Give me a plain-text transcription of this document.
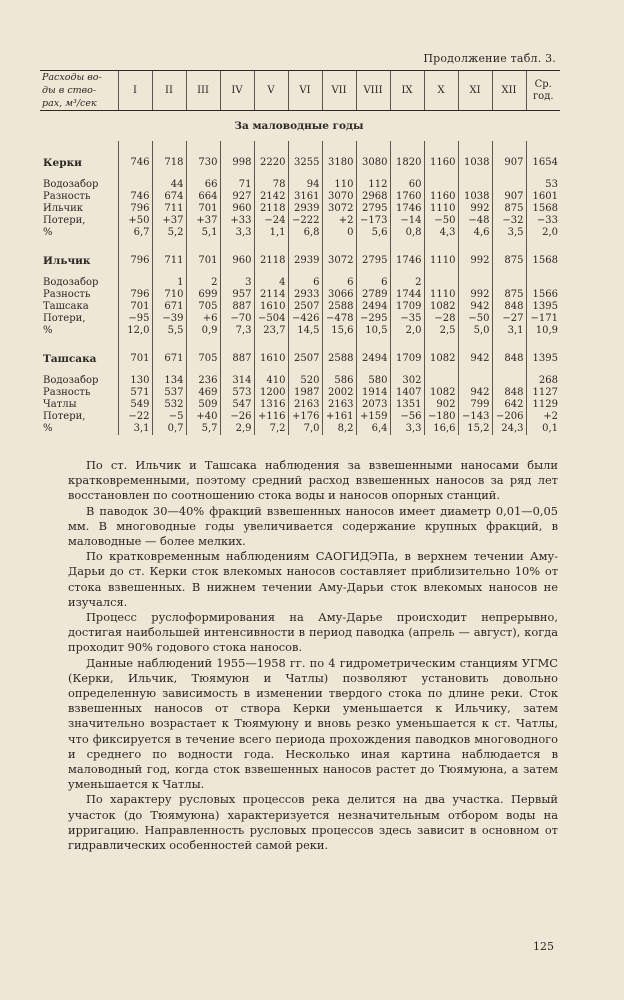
Продолжение табл. 3.
Расходы во-
ды в ство-
рах, м³/сек	I	II	III	IV	V	VI	VII	VIII	IX	X	XI	XII	Ср.
год.
За маловодные годы													

Керки	746	718	730	998	2220	3255	3180	3080	1820	1160	1038	907	1654

Водозабор		44	66	71	78	94	110	112	60				53
Разность	746	674	664	927	2142	3161	3070	2968	1760	1160	1038	907	1601
Ильчик	796	711	701	960	2118	2939	3072	2795	1746	1110	992	875	1568
Потери,	+50	+37	+37	+33	−24	−222	+2	−173	−14	−50	−48	−32	−33
%	6,7	5,2	5,1	3,3	1,1	6,8	0	5,6	0,8	4,3	4,6	3,5	2,0

Ильчик	796	711	701	960	2118	2939	3072	2795	1746	1110	992	875	1568

Водозабор		1	2	3	4	6	6	6	2				
Разность	796	710	699	957	2114	2933	3066	2789	1744	1110	992	875	1566
Ташсака	701	671	705	887	1610	2507	2588	2494	1709	1082	942	848	1395
Потери,	−95	−39	+6	−70	−504	−426	−478	−295	−35	−28	−50	−27	−171
%	12,0	5,5	0,9	7,3	23,7	14,5	15,6	10,5	2,0	2,5	5,0	3,1	10,9

Ташсака	701	671	705	887	1610	2507	2588	2494	1709	1082	942	848	1395

Водозабор	130	134	236	314	410	520	586	580	302				268
Разность	571	537	469	573	1200	1987	2002	1914	1407	1082	942	848	1127
Чатлы	549	532	509	547	1316	2163	2163	2073	1351	902	799	642	1129
Потери,	−22	−5	+40	−26	+116	+176	+161	+159	−56	−180	−143	−206	+2
%	3,1	0,7	5,7	2,9	7,2	7,0	8,2	6,4	3,3	16,6	15,2	24,3	0,1

По ст. Ильчик и Ташсака наблюдения за взвешенными наносами были кратковременными, поэтому средний расход взвешенных наносов за ряд лет восстановлен по соотношению стока воды и наносов опорных станций.

В паводок 30—40% фракций взвешенных наносов имеет диаметр 0,01—0,05 мм. В многоводные годы увеличивается содержание крупных фракций, в маловодные — более мелких.

По кратковременным наблюдениям САОГИДЭПа, в верхнем течении Аму-Дарьи до ст. Керки сток влекомых наносов составляет приблизительно 10% от стока взвешенных. В нижнем течении Аму-Дарьи сток влекомых наносов не изучался.

Процесс руслоформирования на Аму-Дарье происходит непрерывно, достигая наибольшей интенсивности в период паводка (апрель — август), когда проходит 90% годового стока наносов.

Данные наблюдений 1955—1958 гг. по 4 гидрометрическим станциям УГМС (Керки, Ильчик, Тюямуюн и Чатлы) позволяют установить довольно определенную зависимость в изменении твердого стока по длине реки. Сток взвешенных наносов от створа Керки уменьшается к Ильчику, затем значительно возрастает к Тюямуюну и вновь резко уменьшается к ст. Чатлы, что фиксируется в течение всего периода прохождения паводков многоводного и среднего по водности года. Несколько иная картина наблюдается в маловодный год, когда сток взвешенных наносов растет до Тюямуюна, а затем уменьшается к Чатлы.

По характеру русловых процессов река делится на два участка. Первый участок (до Тюямуюна) характеризуется незначительным отбором воды на ирригацию. Направленность русловых процессов здесь зависит в основном от гидравлических особенностей самой реки.

125
